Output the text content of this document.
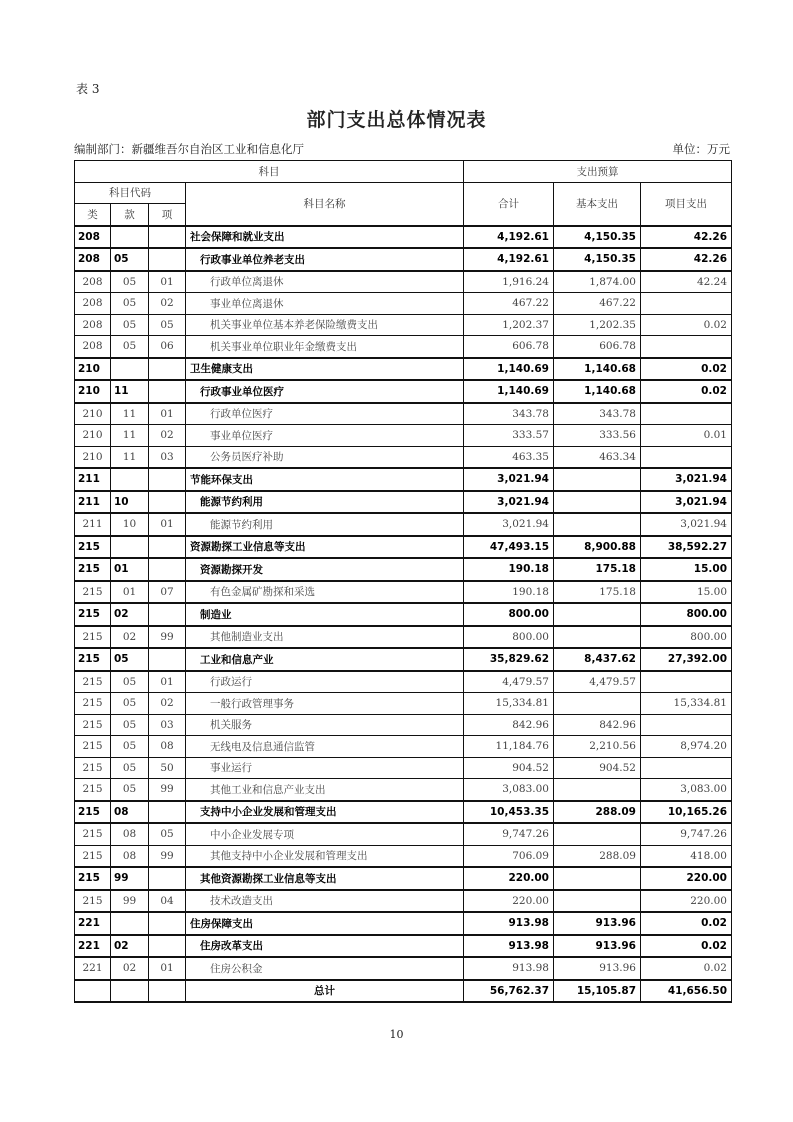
表 3
部门支出总体情况表
编制部门：新疆维吾尔自治区工业和信息化厅	单位：万元
科目				支出预算		
科目代码			科目名称	合计	基本支出	项目支出
类	款	项				
208			社会保障和就业支出	4,192.61	4,150.35	42.26
208	05		行政事业单位养老支出	4,192.61	4,150.35	42.26
208	05	01	行政单位离退休	1,916.24	1,874.00	42.24
208	05	02	事业单位离退休	467.22	467.22	
208	05	05	机关事业单位基本养老保险缴费支出	1,202.37	1,202.35	0.02
208	05	06	机关事业单位职业年金缴费支出	606.78	606.78	
210			卫生健康支出	1,140.69	1,140.68	0.02
210	11		行政事业单位医疗	1,140.69	1,140.68	0.02
210	11	01	行政单位医疗	343.78	343.78	
210	11	02	事业单位医疗	333.57	333.56	0.01
210	11	03	公务员医疗补助	463.35	463.34	
211			节能环保支出	3,021.94		3,021.94
211	10		能源节约利用	3,021.94		3,021.94
211	10	01	能源节约利用	3,021.94		3,021.94
215			资源勘探工业信息等支出	47,493.15	8,900.88	38,592.27
215	01		资源勘探开发	190.18	175.18	15.00
215	01	07	有色金属矿勘探和采选	190.18	175.18	15.00
215	02		制造业	800.00		800.00
215	02	99	其他制造业支出	800.00		800.00
215	05		工业和信息产业	35,829.62	8,437.62	27,392.00
215	05	01	行政运行	4,479.57	4,479.57	
215	05	02	一般行政管理事务	15,334.81		15,334.81
215	05	03	机关服务	842.96	842.96	
215	05	08	无线电及信息通信监管	11,184.76	2,210.56	8,974.20
215	05	50	事业运行	904.52	904.52	
215	05	99	其他工业和信息产业支出	3,083.00		3,083.00
215	08		支持中小企业发展和管理支出	10,453.35	288.09	10,165.26
215	08	05	中小企业发展专项	9,747.26		9,747.26
215	08	99	其他支持中小企业发展和管理支出	706.09	288.09	418.00
215	99		其他资源勘探工业信息等支出	220.00		220.00
215	99	04	技术改造支出	220.00		220.00
221			住房保障支出	913.98	913.96	0.02
221	02		住房改革支出	913.98	913.96	0.02
221	02	01	住房公积金	913.98	913.96	0.02
			总计	56,762.37	15,105.87	41,656.50
10
